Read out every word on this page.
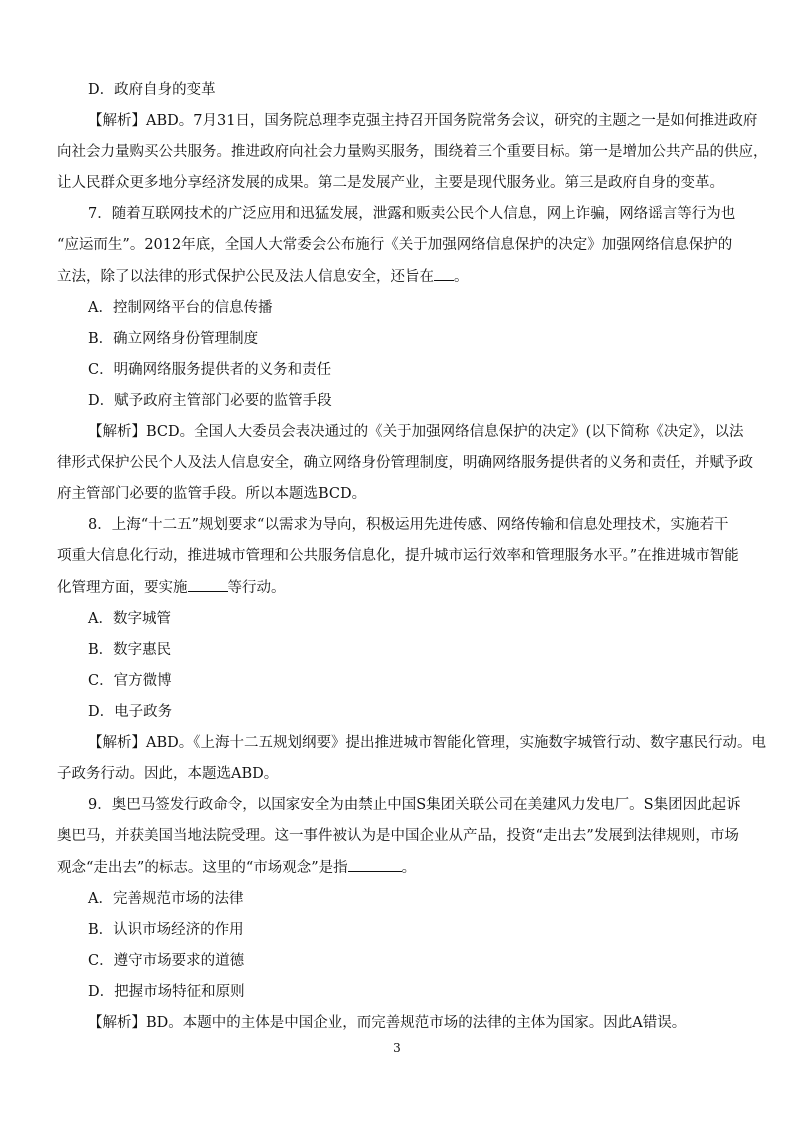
D．政府自身的变革
【解析】ABD。7月31日，国务院总理李克强主持召开国务院常务会议，研究的主题之一是如何推进政府
向社会力量购买公共服务。推进政府向社会力量购买服务，围绕着三个重要目标。第一是增加公共产品的供应，
让人民群众更多地分享经济发展的成果。第二是发展产业，主要是现代服务业。第三是政府自身的变革。
7．随着互联网技术的广泛应用和迅猛发展，泄露和贩卖公民个人信息，网上诈骗，网络谣言等行为也
“应运而生”。2012年底，全国人大常委会公布施行《关于加强网络信息保护的决定》加强网络信息保护的
立法，除了以法律的形式保护公民及法人信息安全，还旨在 。
A．控制网络平台的信息传播
B．确立网络身份管理制度
C．明确网络服务提供者的义务和责任
D．赋予政府主管部门必要的监管手段
【解析】BCD。全国人大委员会表决通过的《关于加强网络信息保护的决定》(以下简称《决定》，以法
律形式保护公民个人及法人信息安全，确立网络身份管理制度，明确网络服务提供者的义务和责任，并赋予政
府主管部门必要的监管手段。所以本题选BCD。
8．上海“十二五”规划要求“以需求为导向，积极运用先进传感、网络传输和信息处理技术，实施若干
项重大信息化行动，推进城市管理和公共服务信息化，提升城市运行效率和管理服务水平。”在推进城市智能
化管理方面，要实施	等行动。
A．数字城管
B．数字惠民
C．官方微博
D．电子政务
【解析】ABD。《上海十二五规划纲要》提出推进城市智能化管理，实施数字城管行动、数字惠民行动。电
子政务行动。因此，本题选ABD。
9．奥巴马签发行政命令，以国家安全为由禁止中国S集团关联公司在美建风力发电厂。S集团因此起诉
奥巴马，并获美国当地法院受理。这一事件被认为是中国企业从产品，投资“走出去”发展到法律规则，市场
观念“走出去”的标志。这里的“市场观念”是指	。
A．完善规范市场的法律
B．认识市场经济的作用
C．遵守市场要求的道德
D．把握市场特征和原则
【解析】BD。本题中的主体是中国企业，而完善规范市场的法律的主体为国家。因此A错误。
3
